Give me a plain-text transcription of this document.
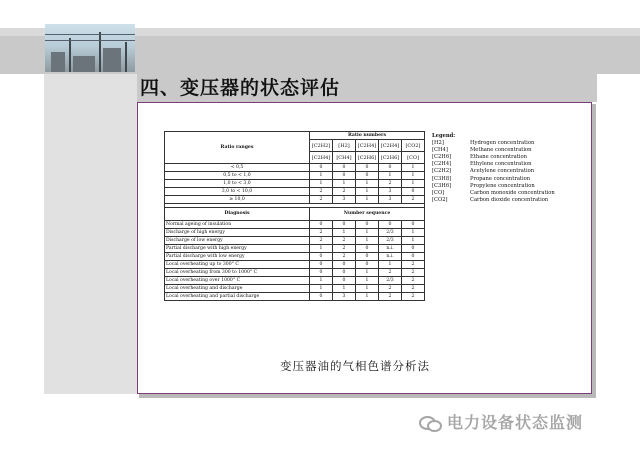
四、变压器的状态评估
Ratio ranges	Ratio numbers				
	[C2H2]	[H2]	[C2H4]	[C2H4]	[CO2]
	[C2H4]	[CH4]	[C2H6]	[C2H6]	[CO]
< 0,5	0	0	0	0	1
0,5 to < 1,0	1	0	0	1	1
1,0 to < 3,0	1	1	1	2	1
3,0 to < 10,0	2	2	1	3	0
≥ 10,0	2	3	1	3	2

Diagnosis	Number sequence				
Normal ageing of insulation	0	0	0	0	0
Discharge of high energy	2	1	1	2/3	1
Discharge of low energy	2	2	1	2/3	1
Partial discharge with high energy	1	2	0	n.i.	0
Partial discharge with low energy	0	2	0	n.i.	0
Local overheating up to 300° C	0	0	0	1	2
Local overheating from 300 to 1000° C	0	0	1	2	2
Local overheating over 1000° C	1	0	1	2/3	2
Local overheating and discharge	1	1	1	2	2
Local overheating and partial discharge	0	3	1	2	2
Legend:
[H2]	Hydrogen concentration
[CH4]	Methane concentration
[C2H6]	Ethane concentration
[C2H4]	Ethylene concentration
[C2H2]	Acetylene concentration
[C3H8]	Propane concentration
[C3H6]	Propylene concentration
[CO]	Carbon monoxide concentration
[CO2]	Carbon dioxide concentration
变压器油的气相色谱分析法
电力设备状态监测
